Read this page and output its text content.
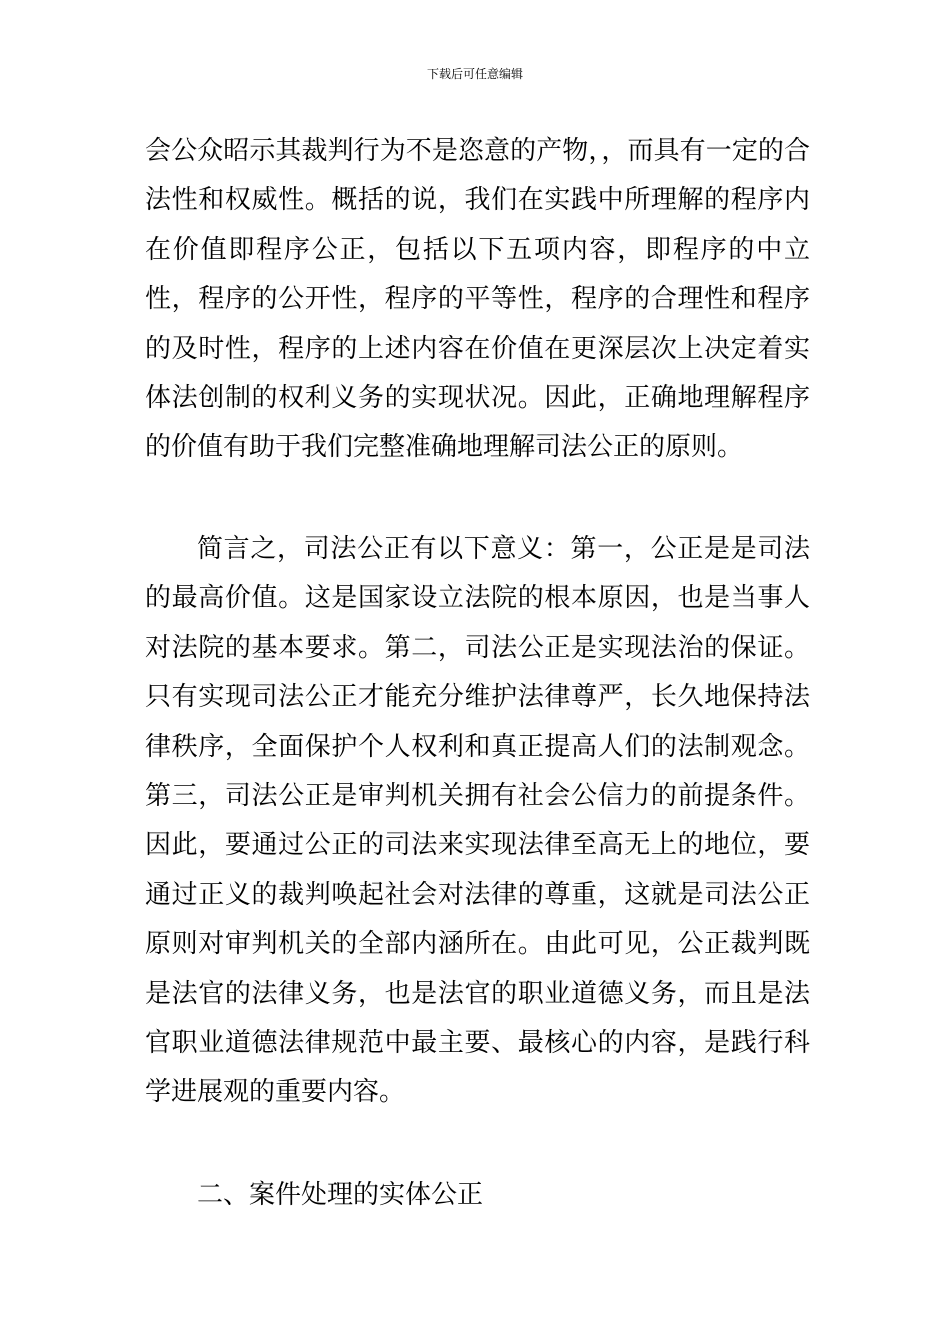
下载后可任意编辑

会公众昭示其裁判行为不是恣意的产物，，而具有一定的合法性和权威性。概括的说，我们在实践中所理解的程序内在价值即程序公正，包括以下五项内容，即程序的中立性，程序的公开性，程序的平等性，程序的合理性和程序的及时性，程序的上述内容在价值在更深层次上决定着实体法创制的权利义务的实现状况。因此，正确地理解程序的价值有助于我们完整准确地理解司法公正的原则。

简言之，司法公正有以下意义：第一，公正是是司法的最高价值。这是国家设立法院的根本原因，也是当事人对法院的基本要求。第二，司法公正是实现法治的保证。只有实现司法公正才能充分维护法律尊严，长久地保持法律秩序，全面保护个人权利和真正提高人们的法制观念。第三，司法公正是审判机关拥有社会公信力的前提条件。因此，要通过公正的司法来实现法律至高无上的地位，要通过正义的裁判唤起社会对法律的尊重，这就是司法公正原则对审判机关的全部内涵所在。由此可见，公正裁判既是法官的法律义务，也是法官的职业道德义务，而且是法官职业道德法律规范中最主要、最核心的内容，是践行科学进展观的重要内容。

二、案件处理的实体公正
